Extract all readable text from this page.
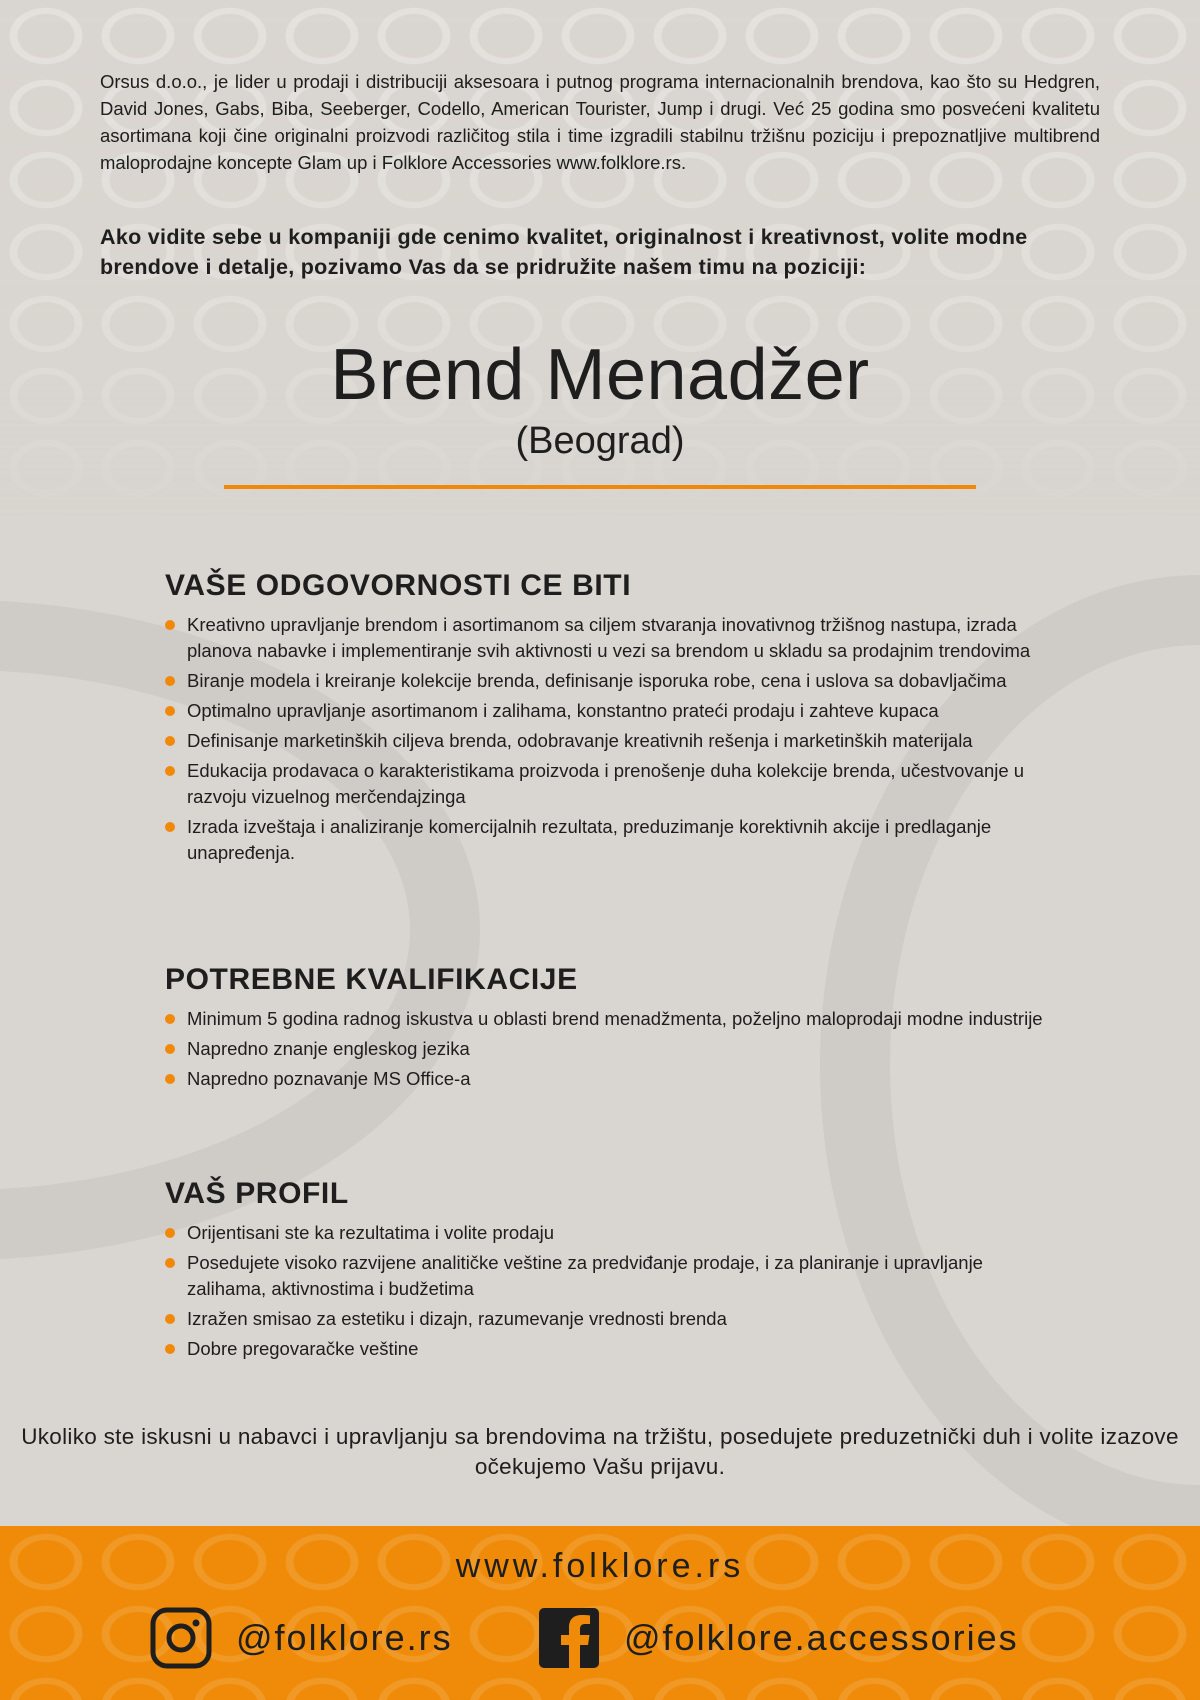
Orsus d.o.o., je lider u prodaji i distribuciji aksesoara i putnog programa internacionalnih brendova, kao što su Hedgren, David Jones, Gabs, Biba, Seeberger, Codello, American Tourister, Jump i drugi. Već 25 godina smo posvećeni kvalitetu asortimana koji čine originalni proizvodi različitog stila i time izgradili stabilnu tržišnu poziciju i prepoznatljive multibrend maloprodajne koncepte Glam up i Folklore Accessories www.folklore.rs.

Ako vidite sebe u kompaniji gde cenimo kvalitet, originalnost i kreativnost, volite modne brendove i detalje, pozivamo Vas da se pridružite našem timu na poziciji:

Brend Menadžer
(Beograd)
VAŠE ODGOVORNOSTI CE BITI
Kreativno upravljanje brendom i asortimanom sa ciljem stvaranja inovativnog tržišnog nastupa, izrada planova nabavke i implementiranje svih aktivnosti u vezi sa brendom u skladu sa prodajnim trendovima
Biranje modela i kreiranje kolekcije brenda, definisanje isporuka robe, cena i uslova sa dobavljačima
Optimalno upravljanje asortimanom i zalihama, konstantno prateći prodaju i zahteve kupaca
Definisanje marketinških ciljeva brenda, odobravanje kreativnih rešenja i marketinških materijala
Edukacija prodavaca o karakteristikama proizvoda i prenošenje duha kolekcije brenda, učestvovanje u razvoju vizuelnog merčendajzinga
Izrada izveštaja i analiziranje komercijalnih rezultata, preduzimanje korektivnih akcije i predlaganje unapređenja.
POTREBNE KVALIFIKACIJE
Minimum 5 godina radnog iskustva u oblasti brend menadžmenta, poželjno maloprodaji modne industrije
Napredno znanje engleskog jezika
Napredno poznavanje MS Office-a
VAŠ PROFIL
Orijentisani ste ka rezultatima i volite prodaju
Posedujete visoko razvijene analitičke veštine za predviđanje prodaje, i za planiranje i upravljanje zalihama, aktivnostima i budžetima
Izražen smisao za estetiku i dizajn, razumevanje vrednosti brenda
Dobre pregovaračke veštine

Ukoliko ste iskusni u nabavci i upravljanju sa brendovima na tržištu, posedujete preduzetnički duh i volite izazove očekujemo Vašu prijavu.

www.folklore.rs
@folklore.rs	@folklore.accessories
